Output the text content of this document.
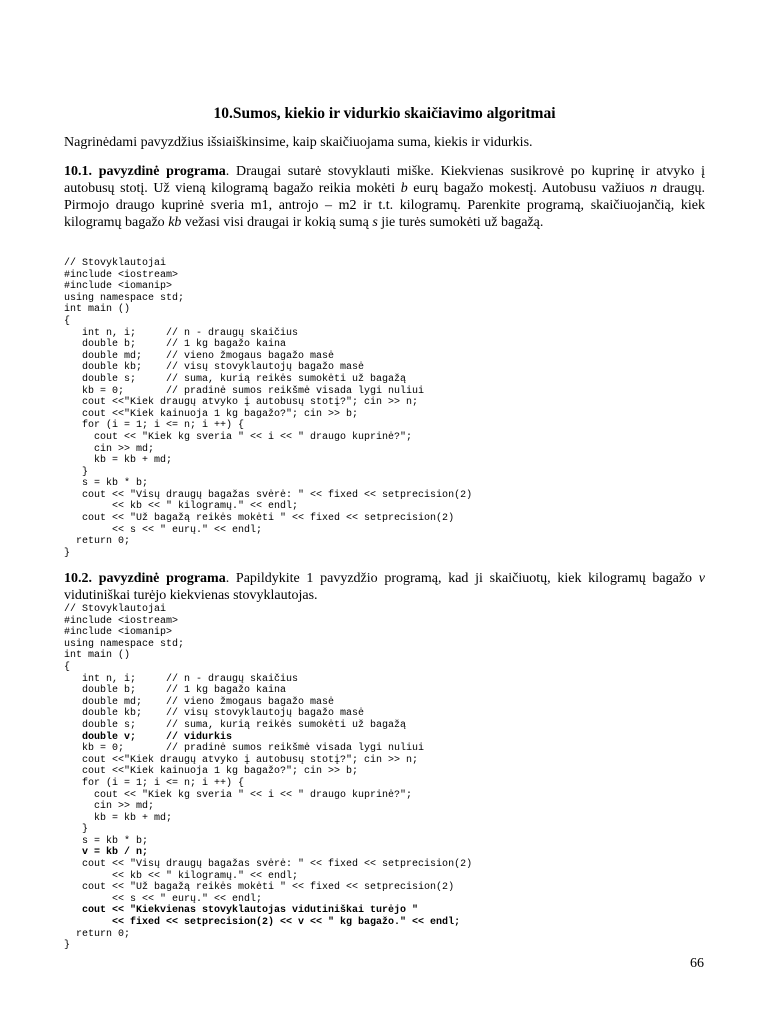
10.Sumos, kiekio ir vidurkio skaičiavimo algoritmai
Nagrinėdami pavyzdžius išsiaiškinsime, kaip skaičiuojama suma, kiekis ir vidurkis.
10.1. pavyzdinė programa. Draugai sutarė stovyklauti miške. Kiekvienas susikrovė po kuprinę ir atvyko į autobusų stotį. Už vieną kilogramą bagažo reikia mokėti b eurų bagažo mokestį. Autobusu važiuos n draugų. Pirmojo draugo kuprinė sveria m1, antrojo – m2 ir t.t. kilogramų. Parenkite programą, skaičiuojančią, kiek kilogramų bagažo kb vežasi visi draugai ir kokią sumą s jie turės sumokėti už bagažą.
// Stovyklautojai
#include <iostream>
#include <iomanip>
using namespace std;
int main ()
{
int n, i;     // n - draugų skaičius
double b;     // 1 kg bagažo kaina
double md;    // vieno žmogaus bagažo masė
double kb;    // visų stovyklautojų bagažo masė
double s;     // suma, kurią reikės sumokėti už bagažą
kb = 0;       // pradinė sumos reikšmė visada lygi nuliui
cout <<"Kiek draugų atvyko į autobusų stotį?"; cin >> n;
cout <<"Kiek kainuoja 1 kg bagažo?"; cin >> b;
for (i = 1; i <= n; i ++) {
cout << "Kiek kg sveria " << i << " draugo kuprinė?";
cin >> md;
kb = kb + md;
}
s = kb * b;
cout << "Visų draugų bagažas svėrė: " << fixed << setprecision(2)
<< kb << " kilogramų." << endl;
cout << "Už bagažą reikės mokėti " << fixed << setprecision(2)
<< s << " eurų." << endl;
return 0;
}
10.2. pavyzdinė programa. Papildykite 1 pavyzdžio programą, kad ji skaičiuotų, kiek kilogramų bagažo v vidutiniškai turėjo kiekvienas stovyklautojas.
// Stovyklautojai
#include <iostream>
#include <iomanip>
using namespace std;
int main ()
{
int n, i;     // n - draugų skaičius
double b;     // 1 kg bagažo kaina
double md;    // vieno žmogaus bagažo masė
double kb;    // visų stovyklautojų bagažo masė
double s;     // suma, kurią reikės sumokėti už bagažą
double v;     // vidurkis
kb = 0;       // pradinė sumos reikšmė visada lygi nuliui
cout <<"Kiek draugų atvyko į autobusų stotį?"; cin >> n;
cout <<"Kiek kainuoja 1 kg bagažo?"; cin >> b;
for (i = 1; i <= n; i ++) {
cout << "Kiek kg sveria " << i << " draugo kuprinė?";
cin >> md;
kb = kb + md;
}
s = kb * b;
v = kb / n;
cout << "Visų draugų bagažas svėrė: " << fixed << setprecision(2)
<< kb << " kilogramų." << endl;
cout << "Už bagažą reikės mokėti " << fixed << setprecision(2)
<< s << " eurų." << endl;
cout << "Kiekvienas stovyklautojas vidutiniškai turėjo "
<< fixed << setprecision(2) << v << " kg bagažo." << endl;
return 0;
}
66
